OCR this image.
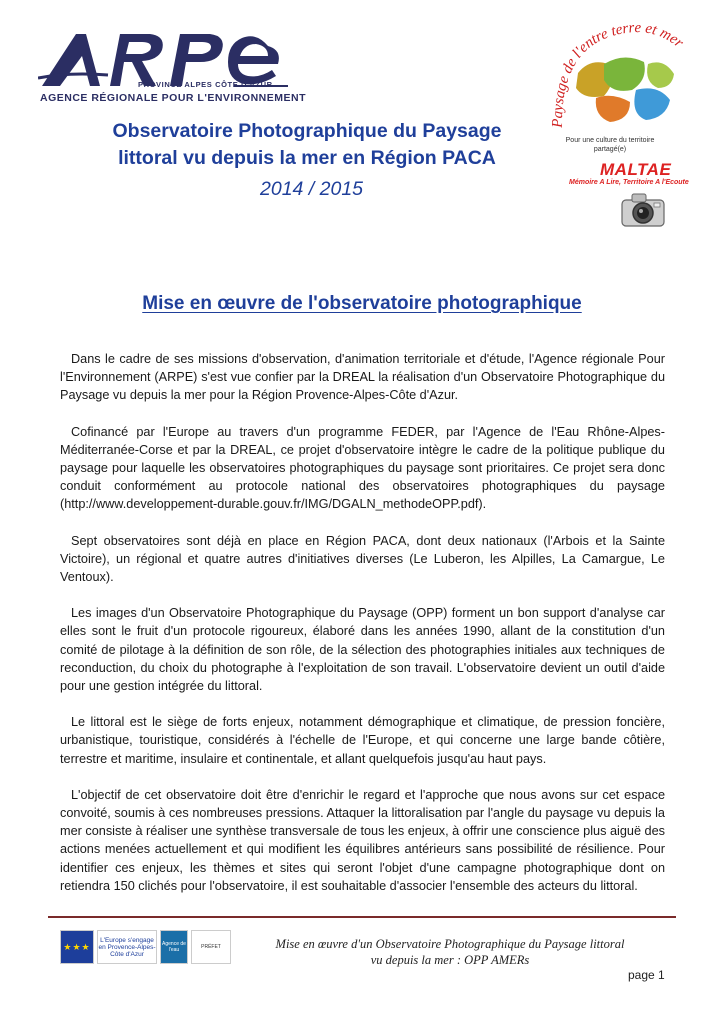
PROVINCE ALPES CÔTE D'AZUR
AGENCE RÉGIONALE POUR L'ENVIRONNEMENT
Paysage de l'entre terre et mer
Pour une culture du territoire partagé(e)
MALTAE
Mémoire A Lire, Territoire A l'Ecoute
Observatoire Photographique du Paysage
littoral vu depuis la mer en Région PACA
2014 / 2015
Mise en œuvre de l'observatoire photographique

Dans le cadre de ses missions d'observation, d'animation territoriale et d'étude, l'Agence régionale Pour l'Environnement (ARPE) s'est vue confier par la DREAL la réalisation d'un Observatoire Photographique du Paysage vu depuis la mer pour la Région Provence-Alpes-Côte d'Azur.

Cofinancé par l'Europe au travers d'un programme FEDER, par l'Agence de l'Eau Rhône-Alpes-Méditerranée-Corse et par la DREAL, ce projet d'observatoire intègre le cadre de la politique publique du paysage pour laquelle les observatoires photographiques du paysage sont prioritaires. Ce projet sera donc conduit conformément au protocole national des observatoires photographiques du paysage (http://www.developpement-durable.gouv.fr/IMG/DGALN_methodeOPP.pdf).

Sept observatoires sont déjà en place en Région PACA, dont deux nationaux (l'Arbois et la Sainte Victoire), un régional et quatre autres d'initiatives diverses (Le Luberon, les Alpilles, La Camargue, Le Ventoux).

Les images d'un Observatoire Photographique du Paysage (OPP) forment un bon support d'analyse car elles sont le fruit d'un protocole rigoureux, élaboré dans les années 1990, allant de la constitution d'un comité de pilotage à la définition de son rôle, de la sélection des photographies initiales aux techniques de reconduction, du choix du photographe à l'exploitation de son travail. L'observatoire devient un outil d'aide pour une gestion intégrée du littoral.

Le littoral est le siège de forts enjeux, notamment démographique et climatique, de pression foncière, urbanistique, touristique, considérés à l'échelle de l'Europe, et qui concerne une large bande côtière, terrestre et maritime, insulaire et continentale, et allant quelquefois jusqu'au haut pays.

L'objectif de cet observatoire doit être d'enrichir le regard et l'approche que nous avons sur cet espace convoité, soumis à ces nombreuses pressions. Attaquer la littoralisation par l'angle du paysage vu depuis la mer consiste à réaliser une synthèse transversale de tous les enjeux, à offrir une conscience plus aiguë des actions menées actuellement et qui modifient les équilibres antérieurs sans possibilité de résilience. Pour identifier ces enjeux, les thèmes et sites qui seront l'objet d'une campagne photographique dont on retiendra 150 clichés pour l'observatoire, il est souhaitable d'associer l'ensemble des acteurs du littoral.

★★★
L'Europe s'engage en Provence-Alpes-Côte d'Azur
Agence de l'eau	PRÉFET	Mise en œuvre d'un Observatoire Photographique du Paysage littoral
vu depuis la mer : OPP AMERs
page 1
